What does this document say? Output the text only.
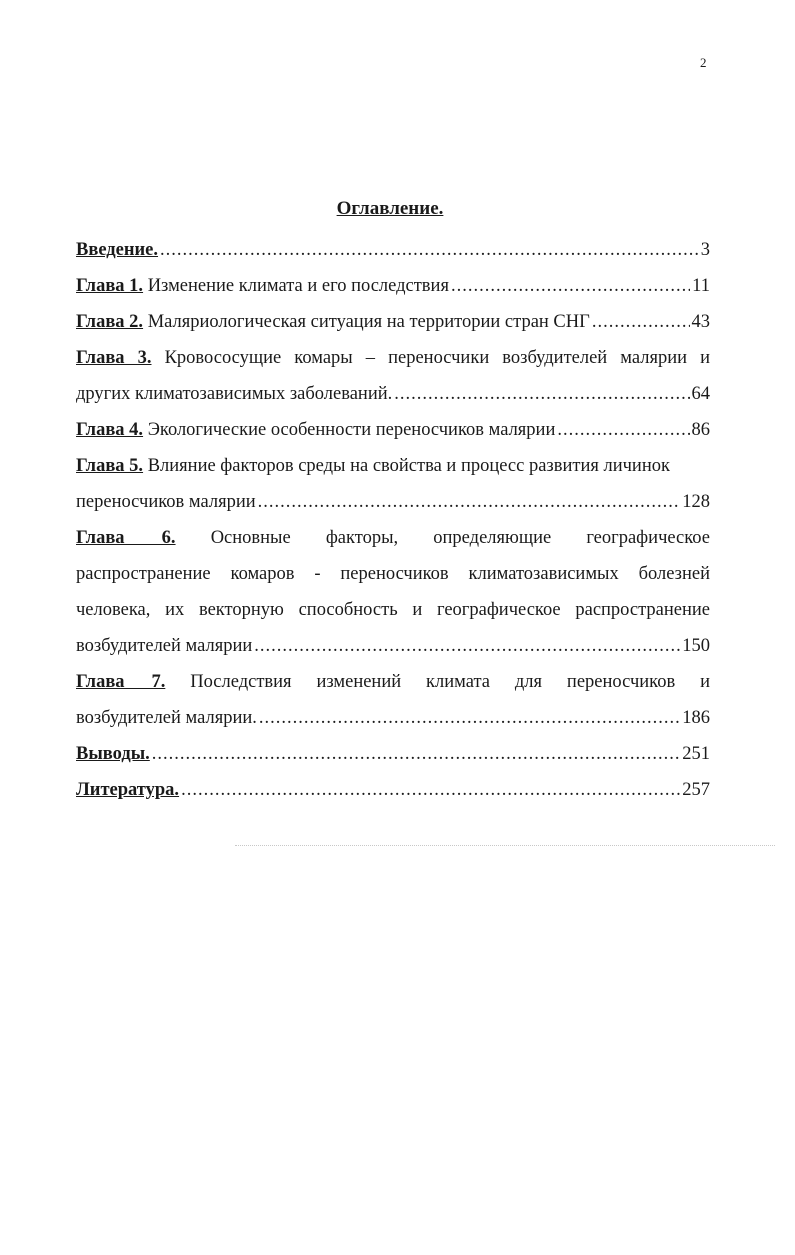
2
Оглавление.
Введение. .....	3
Глава 1. Изменение климата и его последствия .....	11
Глава 2. Маляриологическая ситуация на территории стран СНГ .....	43
Глава 3. Кровососущие комары – переносчики возбудителей малярии и
других климатозависимых заболеваний. .....	64
Глава 4. Экологические особенности переносчиков малярии .....	86
Глава 5. Влияние факторов среды на свойства и процесс развития личинок
переносчиков малярии .....	128
Глава 6. Основные факторы, определяющие географическое
распространение комаров - переносчиков климатозависимых болезней
человека, их векторную способность и географическое распространение
возбудителей малярии .....	150
Глава 7. Последствия изменений климата для переносчиков и
возбудителей малярии. .....	186
Выводы. .....	251
Литература. .....	257
